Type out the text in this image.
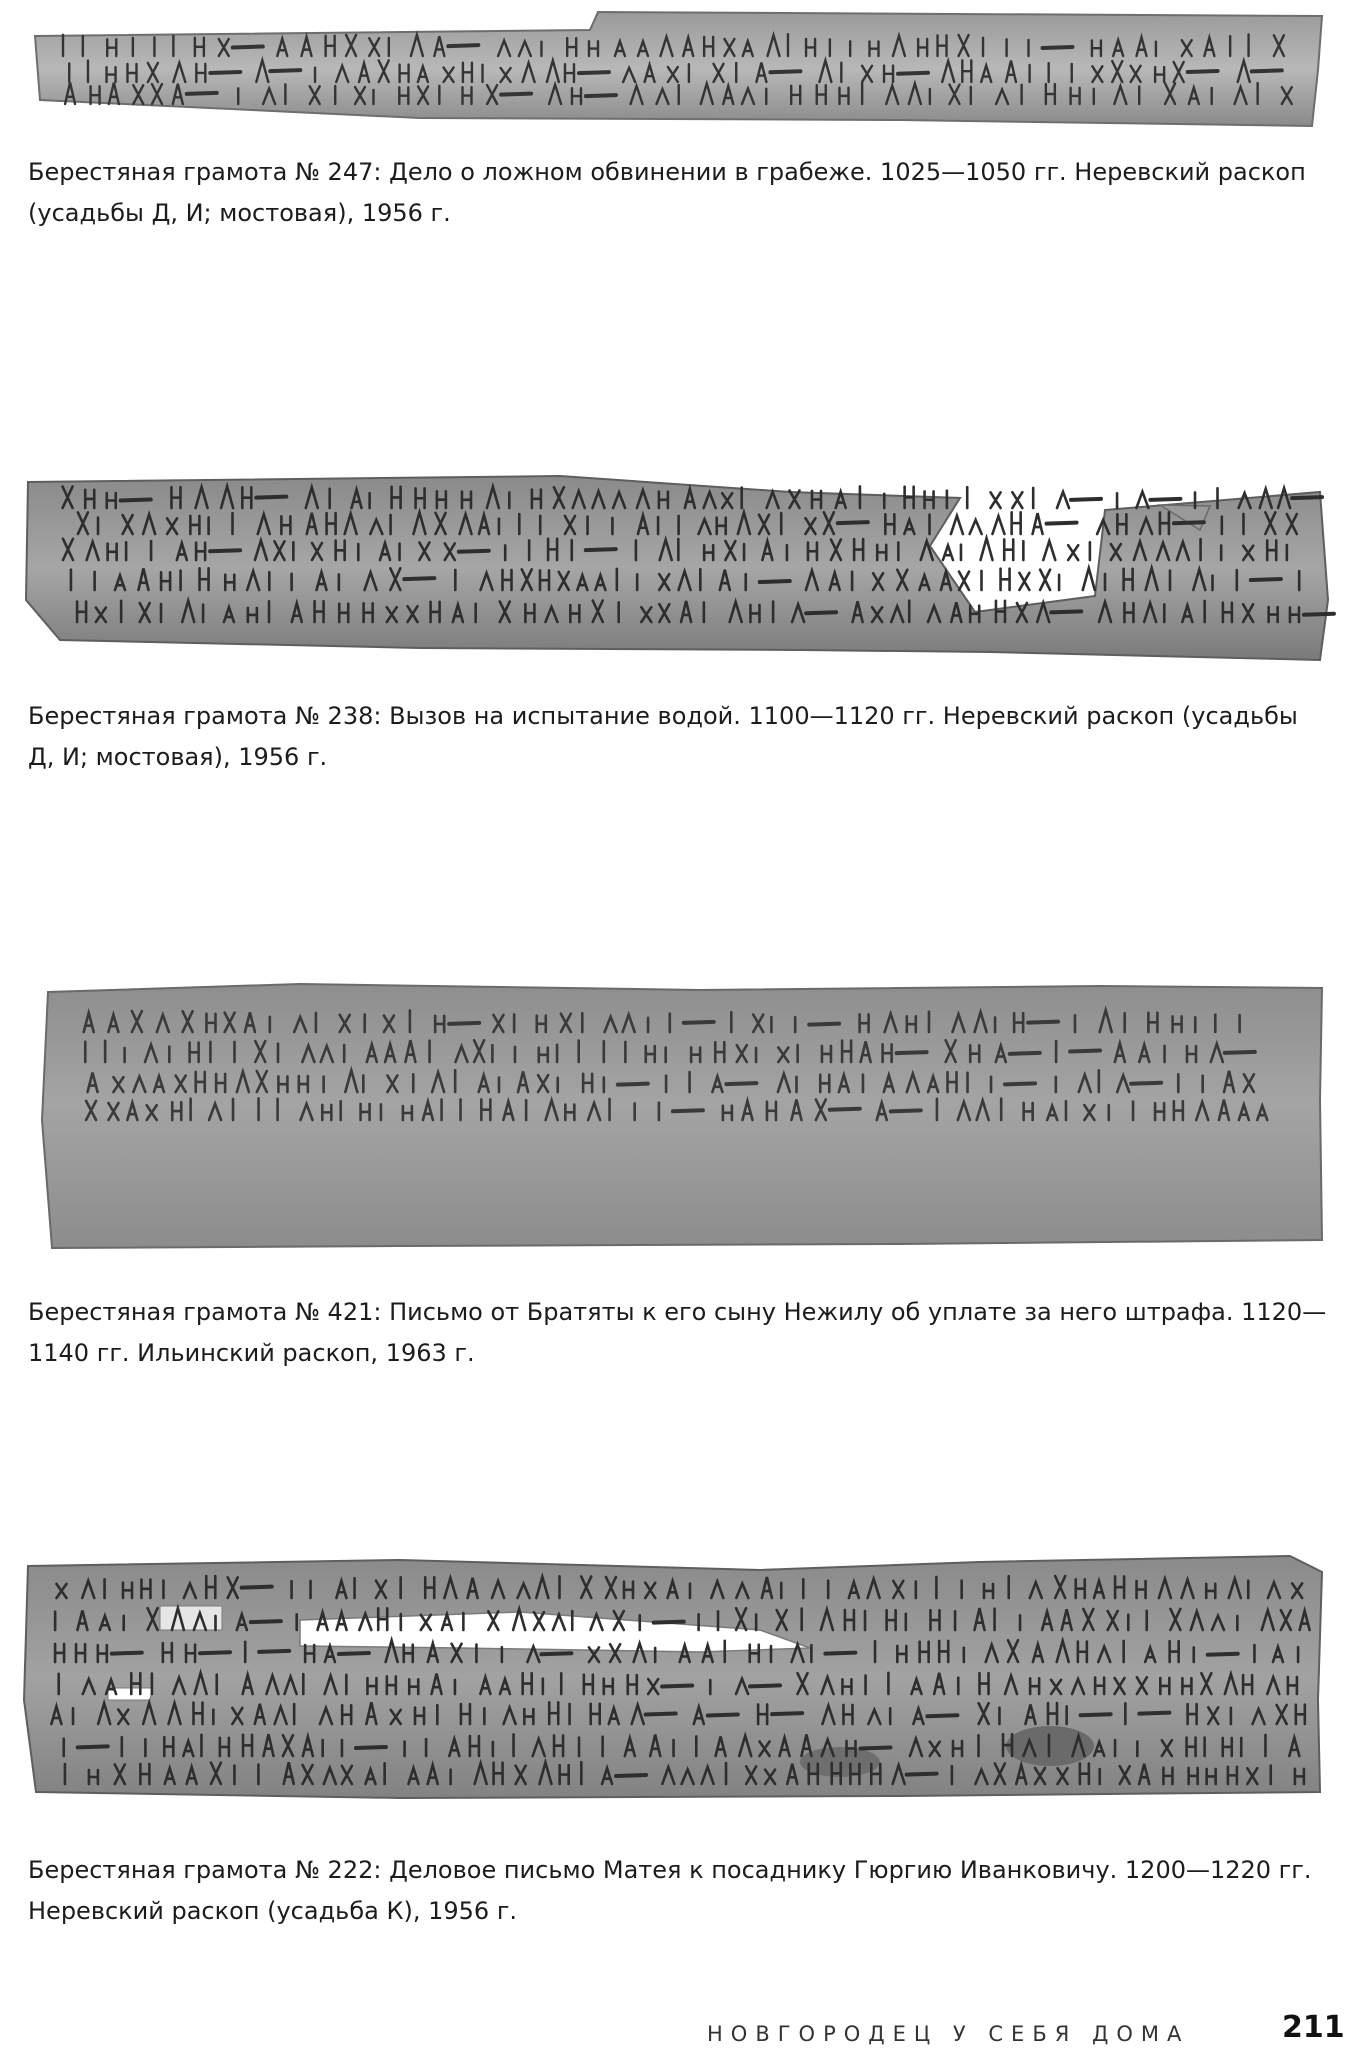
Берестяная грамота № 247: Дело о ложном обвинении в грабеже. 1025—1050 гг. Неревский раскоп (усадьбы Д, И; мостовая), 1956 г.

Берестяная грамота № 238: Вызов на испытание водой. 1100—1120 гг. Неревский раскоп (усадьбы Д, И; мостовая), 1956 г.

Берестяная грамота № 421: Письмо от Братяты к его сыну Нежилу об уплате за него штрафа. 1120—1140 гг. Ильинский раскоп, 1963 г.

Берестяная грамота № 222: Деловое письмо Матея к посаднику Гюргию Иванковичу. 1200—1220 гг. Неревский раскоп (усадьба К), 1956 г.

НОВГОРОДЕЦ У СЕБЯ ДОМА	211
